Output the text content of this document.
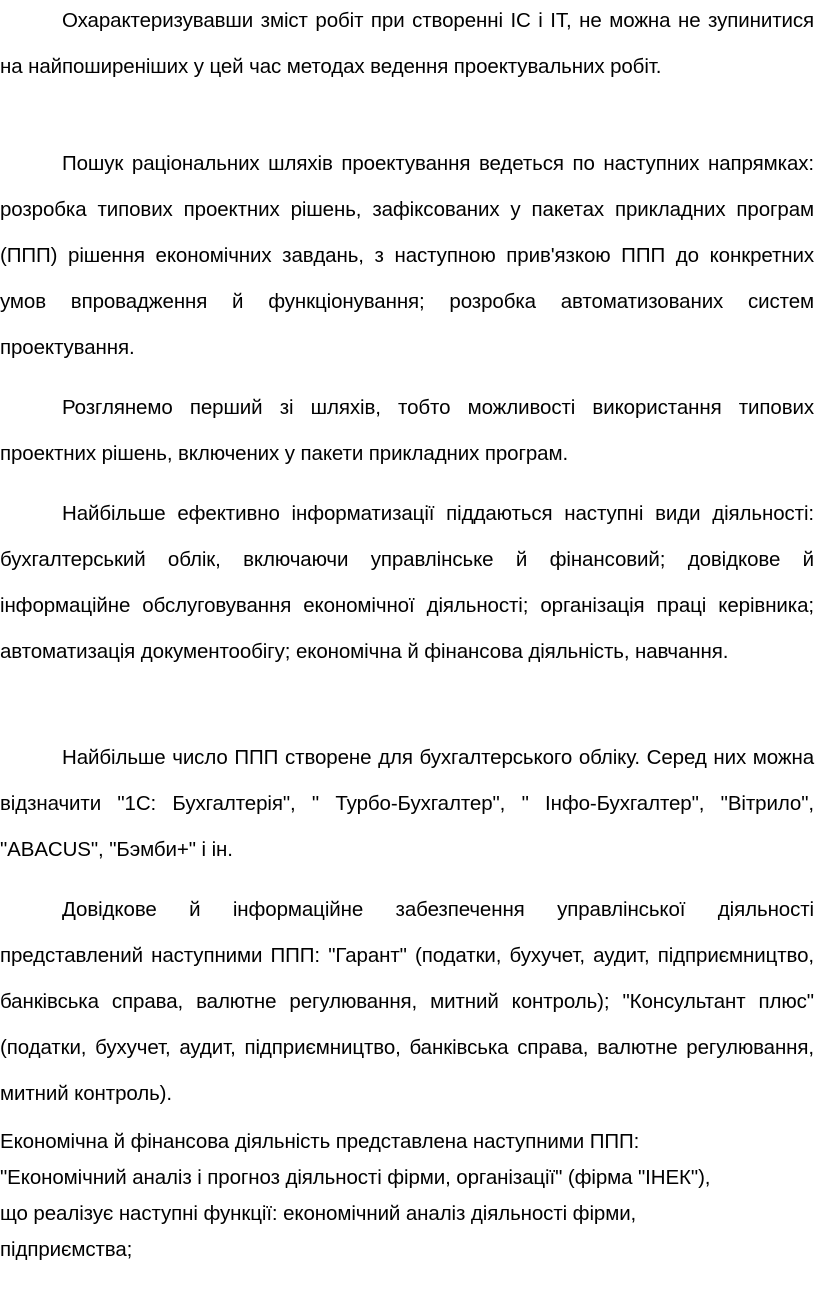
Охарактеризувавши зміст робіт при створенні ІС і ІТ, не можна не зупинитися на найпоширеніших у цей час методах ведення проектувальних робіт.

Пошук раціональних шляхів проектування ведеться по наступних напрямках: розробка типових проектних рішень, зафіксованих у пакетах прикладних програм (ППП) рішення економічних завдань, з наступною прив'язкою ППП до конкретних умов впровадження й функціонування; розробка автоматизованих систем проектування.

Розглянемо перший зі шляхів, тобто можливості використання типових проектних рішень, включених у пакети прикладних програм.

Найбільше ефективно інформатизації піддаються наступні види діяльності: бухгалтерський облік, включаючи управлінське й фінансовий; довідкове й інформаційне обслуговування економічної діяльності; організація праці керівника; автоматизація документообігу; економічна й фінансова діяльність, навчання.

Найбільше число ППП створене для бухгалтерського обліку. Серед них можна відзначити "1С: Бухгалтерія", " Турбо-Бухгалтер", " Інфо-Бухгалтер", "Вітрило", "ABACUS", "Бэмби+" і ін.

Довідкове й інформаційне забезпечення управлінської діяльності представлений наступними ППП: "Гарант" (податки, бухучет, аудит, підприємництво, банківська справа, валютне регулювання, митний контроль); "Консультант плюс" (податки, бухучет, аудит, підприємництво, банківська справа, валютне регулювання, митний контроль).

Економічна й фінансова діяльність представлена наступними ППП:

"Економічний аналіз і прогноз діяльності фірми, організації" (фірма "ІНЕК"),

що реалізує наступні функції: економічний аналіз діяльності фірми,

підприємства;
